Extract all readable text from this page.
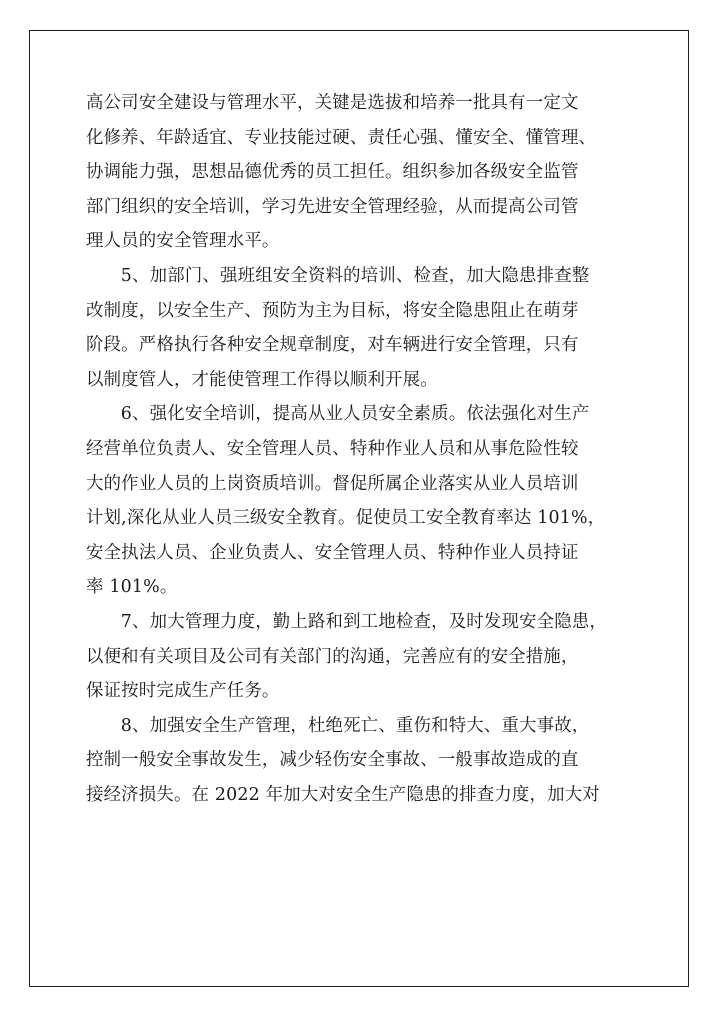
高公司安全建设与管理水平，关键是选拔和培养一批具有一定文
化修养、年龄适宜、专业技能过硬、责任心强、懂安全、懂管理、
协调能力强，思想品德优秀的员工担任。组织参加各级安全监管
部门组织的安全培训，学习先进安全管理经验，从而提高公司管
理人员的安全管理水平。

5、加部门、强班组安全资料的培训、检查，加大隐患排查整
改制度，以安全生产、预防为主为目标，将安全隐患阻止在萌芽
阶段。严格执行各种安全规章制度，对车辆进行安全管理，只有
以制度管人，才能使管理工作得以顺利开展。

6、强化安全培训，提高从业人员安全素质。依法强化对生产
经营单位负责人、安全管理人员、特种作业人员和从事危险性较
大的作业人员的上岗资质培训。督促所属企业落实从业人员培训
计划,深化从业人员三级安全教育。促使员工安全教育率达 101%，
安全执法人员、企业负责人、安全管理人员、特种作业人员持证
率 101%。

7、加大管理力度，勤上路和到工地检查，及时发现安全隐患，
以便和有关项目及公司有关部门的沟通，完善应有的安全措施，
保证按时完成生产任务。

8、加强安全生产管理，杜绝死亡、重伤和特大、重大事故，
控制一般安全事故发生，减少轻伤安全事故、一般事故造成的直
接经济损失。在 2022 年加大对安全生产隐患的排查力度，加大对
